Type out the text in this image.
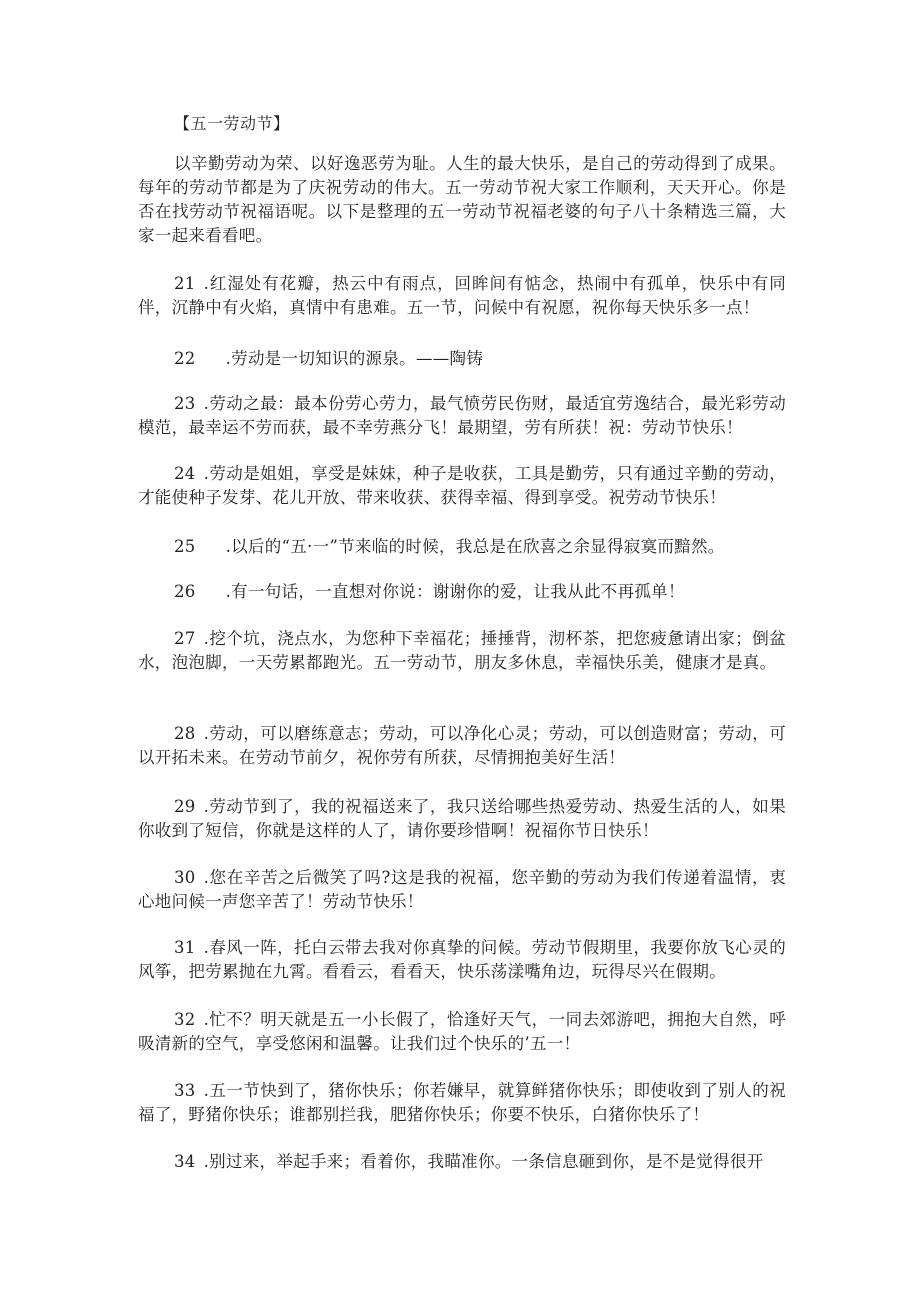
【五一劳动节】
以辛勤劳动为荣、以好逸恶劳为耻。人生的最大快乐，是自己的劳动得到了成果。每年的劳动节都是为了庆祝劳动的伟大。五一劳动节祝大家工作顺利，天天开心。你是否在找劳动节祝福语呢。以下是整理的五一劳动节祝福老婆的句子八十条精选三篇，大家一起来看看吧。
21 .红湿处有花瓣，热云中有雨点，回眸间有惦念，热闹中有孤单，快乐中有同伴，沉静中有火焰，真情中有患难。五一节，问候中有祝愿，祝你每天快乐多一点！
22 .劳动是一切知识的源泉。——陶铸
23 .劳动之最：最本份劳心劳力，最气愤劳民伤财，最适宜劳逸结合，最光彩劳动模范，最幸运不劳而获，最不幸劳燕分飞！最期望，劳有所获！祝：劳动节快乐！
24 .劳动是姐姐，享受是妹妹，种子是收获，工具是勤劳，只有通过辛勤的劳动，才能使种子发芽、花儿开放、带来收获、获得幸福、得到享受。祝劳动节快乐！
25 .以后的“五·一”节来临的时候，我总是在欣喜之余显得寂寞而黯然。
26 .有一句话，一直想对你说：谢谢你的爱，让我从此不再孤单！
27 .挖个坑，浇点水，为您种下幸福花；捶捶背，沏杯茶，把您疲惫请出家；倒盆水，泡泡脚，一天劳累都跑光。五一劳动节，朋友多休息，幸福快乐美，健康才是真。
28 .劳动，可以磨练意志；劳动，可以净化心灵；劳动，可以创造财富；劳动，可以开拓未来。在劳动节前夕，祝你劳有所获，尽情拥抱美好生活！
29 .劳动节到了，我的祝福送来了，我只送给哪些热爱劳动、热爱生活的人，如果你收到了短信，你就是这样的人了，请你要珍惜啊！祝福你节日快乐！
30 .您在辛苦之后微笑了吗?这是我的祝福，您辛勤的劳动为我们传递着温情，衷心地问候一声您辛苦了！劳动节快乐！
31 .春风一阵，托白云带去我对你真挚的问候。劳动节假期里，我要你放飞心灵的风筝，把劳累抛在九霄。看看云，看看天，快乐荡漾嘴角边，玩得尽兴在假期。
32 .忙不？明天就是五一小长假了，恰逢好天气，一同去郊游吧，拥抱大自然，呼吸清新的空气，享受悠闲和温馨。让我们过个快乐的’五一！
33 .五一节快到了，猪你快乐；你若嫌早，就算鲜猪你快乐；即使收到了别人的祝福了，野猪你快乐；谁都别拦我，肥猪你快乐；你要不快乐，白猪你快乐了！
34 .别过来，举起手来；看着你，我瞄准你。一条信息砸到你，是不是觉得很开
